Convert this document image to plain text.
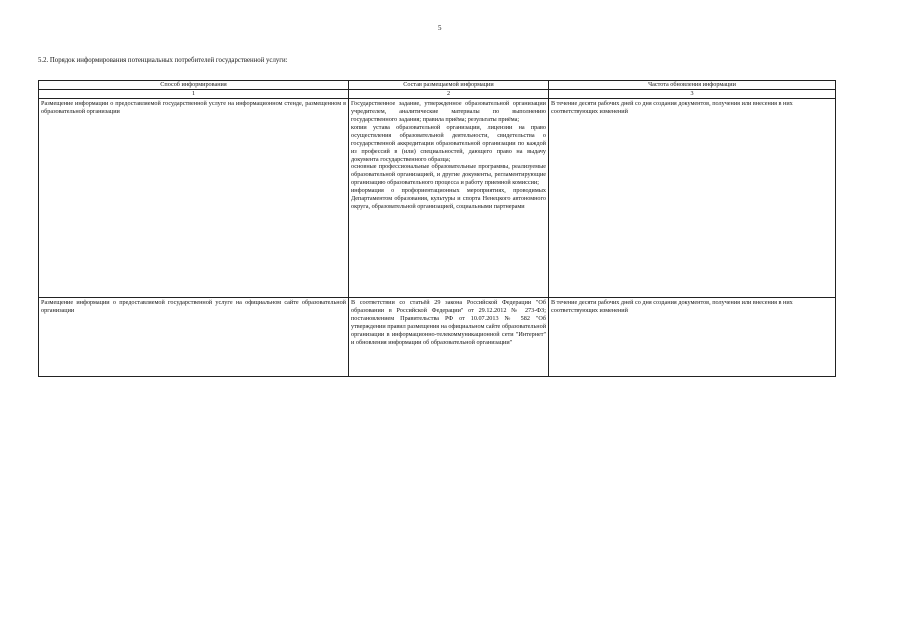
5
5.2. Порядок информирования потенциальных потребителей государственной услуги:
Способ информирования	Состав размещаемой информации	Частота обновления информации
1	2	3
Размещение информации о предоставляемой государственной услуге на информационном стенде, размещенном в образовательной организации	Государственное задание, утвержденное образовательной организации учредителем, аналитические материалы по выполнению государственного задания; правила приёма; результаты приёма;
копии устава образовательной организации, лицензии на право осуществления образовательной деятельности, свидетельства о государственной аккредитации образовательной организации по каждой из профессий в (или) специальностей, дающего право на выдачу документа государственного образца;
основные профессиональные образовательные программы, реализуемые образовательной организацией, и другие документы, регламентирующие организацию образовательного процесса и работу приемной комиссии;
информация о профориентационных мероприятиях, проводимых Департаментом образования, культуры и спорта Ненецкого автономного округа, образовательной организацией, социальными партнерами	В течение десяти рабочих дней со дня создания документов, получения или внесения в них соответствующих изменений
Размещение информации о предоставляемой государственной услуге на официальном сайте образовательной организации	В соответствии со статьёй 29 закона Российской Федерации "Об образовании в Российской Федерации" от 29.12.2012 № 273-ФЗ; постановлением Правительства РФ от 10.07.2013 № 582 "Об утверждении правил размещения на официальном сайте образовательной организации в информационно-телекоммуникационной сети "Интернет" и обновления информации об образовательной организации"	В течение десяти рабочих дней со дня создания документов, получения или внесения в них соответствующих изменений
